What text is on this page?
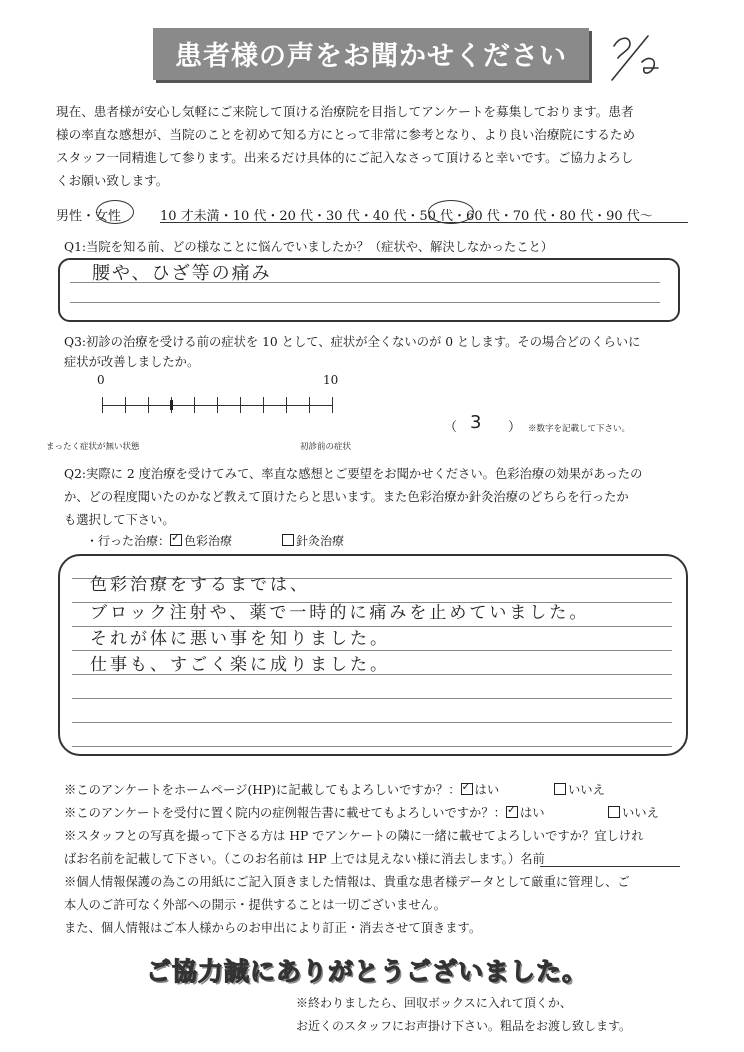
患者様の声をお聞かせください
現在、患者様が安心し気軽にご来院して頂ける治療院を目指してアンケートを募集しております。患者
様の率直な感想が、当院のことを初めて知る方にとって非常に参考となり、より良い治療院にするため
スタッフ一同精進して参ります。出来るだけ具体的にご記入なさって頂けると幸いです。ご協力よろし
くお願い致します。
男性・女性	10 才未満・10 代・20 代・30 代・40 代・50 代・60 代・70 代・80 代・90 代～
Q1:当院を知る前、どの様なことに悩んでいましたか？（症状や、解決しなかったこと）
腰や、ひざ等の痛み
Q3:初診の治療を受ける前の症状を 10 として、症状が全くないのが 0 とします。その場合どのくらいに
症状が改善しましたか。
0	10
まったく症状が無い状態	初診前の症状
（ 3 ） ※数字を記載して下さい。
Q2:実際に 2 度治療を受けてみて、率直な感想とご要望をお聞かせください。色彩治療の効果があったの
か、どの程度聞いたのかなど教えて頂けたらと思います。また色彩治療か針灸治療のどちらを行ったか
も選択して下さい。
・行った治療： ✓ 色彩治療	針灸治療
色彩治療をするまでは、
ブロック注射や、薬で一時的に痛みを止めていました。
それが体に悪い事を知りました。
仕事も、すごく楽に成りました。
※このアンケートをホームページ(HP)に記載してもよろしいですか？： ✓ はい	いいえ
※このアンケートを受付に置く院内の症例報告書に載せてもよろしいですか？： ✓ はい	いいえ
※スタッフとの写真を撮って下さる方は HP でアンケートの隣に一緒に載せてよろしいですか？宜しけれ
ばお名前を記載して下さい。（このお名前は HP 上では見えない様に消去します。）名前
※個人情報保護の為この用紙にご記入頂きました情報は、貴重な患者様データとして厳重に管理し、ご
本人のご許可なく外部への開示・提供することは一切ございません。
また、個人情報はご本人様からのお申出により訂正・消去させて頂きます。
ご協力誠にありがとうございました。
※終わりましたら、回収ボックスに入れて頂くか、
お近くのスタッフにお声掛け下さい。粗品をお渡し致します。
